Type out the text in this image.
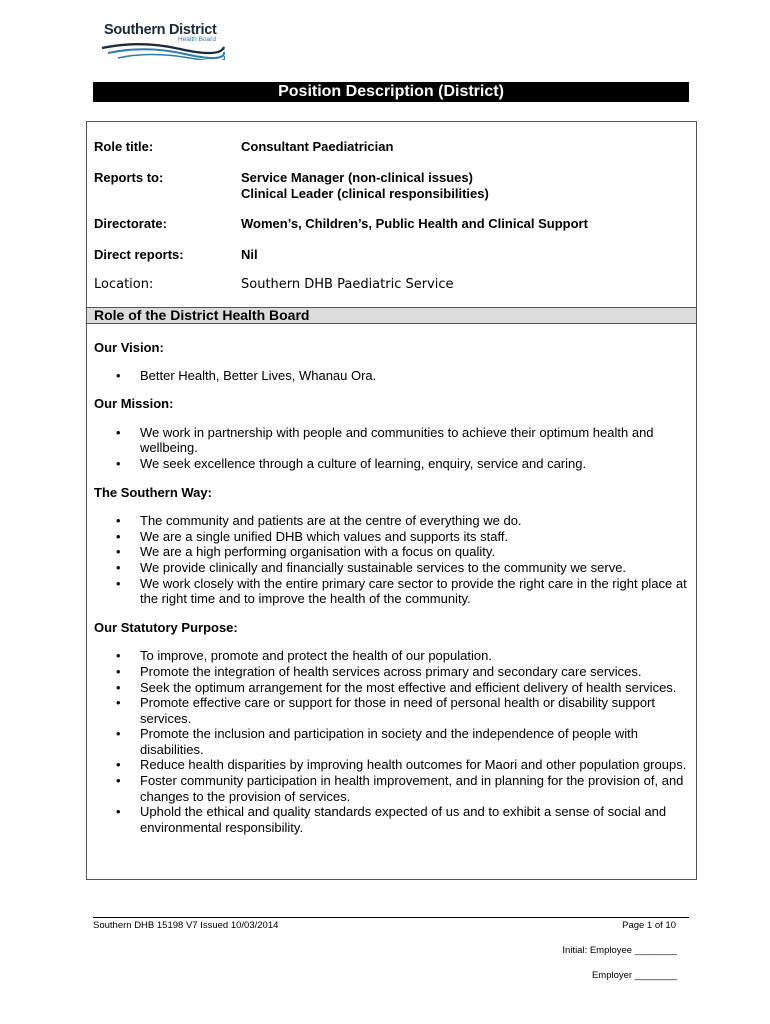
Southern District
Health Board
Position Description (District)
Role title:	Consultant Paediatrician
Reports to:	Service Manager (non-clinical issues)
Clinical Leader (clinical responsibilities)
Directorate:	Women’s, Children’s, Public Health and Clinical Support
Direct reports:	Nil
Location:	Southern DHB Paediatric Service
Role of the District Health Board

Our Vision:

• Better Health, Better Lives, Whanau Ora.

Our Mission:

• We work in partnership with people and communities to achieve their optimum health and wellbeing.
• We seek excellence through a culture of learning, enquiry, service and caring.

The Southern Way:

• The community and patients are at the centre of everything we do.
• We are a single unified DHB which values and supports its staff.
• We are a high performing organisation with a focus on quality.
• We provide clinically and financially sustainable services to the community we serve.
• We work closely with the entire primary care sector to provide the right care in the right place at the right time and to improve the health of the community.

Our Statutory Purpose:

• To improve, promote and protect the health of our population.
• Promote the integration of health services across primary and secondary care services.
• Seek the optimum arrangement for the most effective and efficient delivery of health services.
• Promote effective care or support for those in need of personal health or disability support services.
• Promote the inclusion and participation in society and the independence of people with disabilities.
• Reduce health disparities by improving health outcomes for Maori and other population groups.
• Foster community participation in health improvement, and in planning for the provision of, and changes to the provision of services.
• Uphold the ethical and quality standards expected of us and to exhibit a sense of social and environmental responsibility.
Southern DHB 15198 V7 Issued 10/03/2014	Page 1 of 10
Initial: Employee ________
Employer ________
